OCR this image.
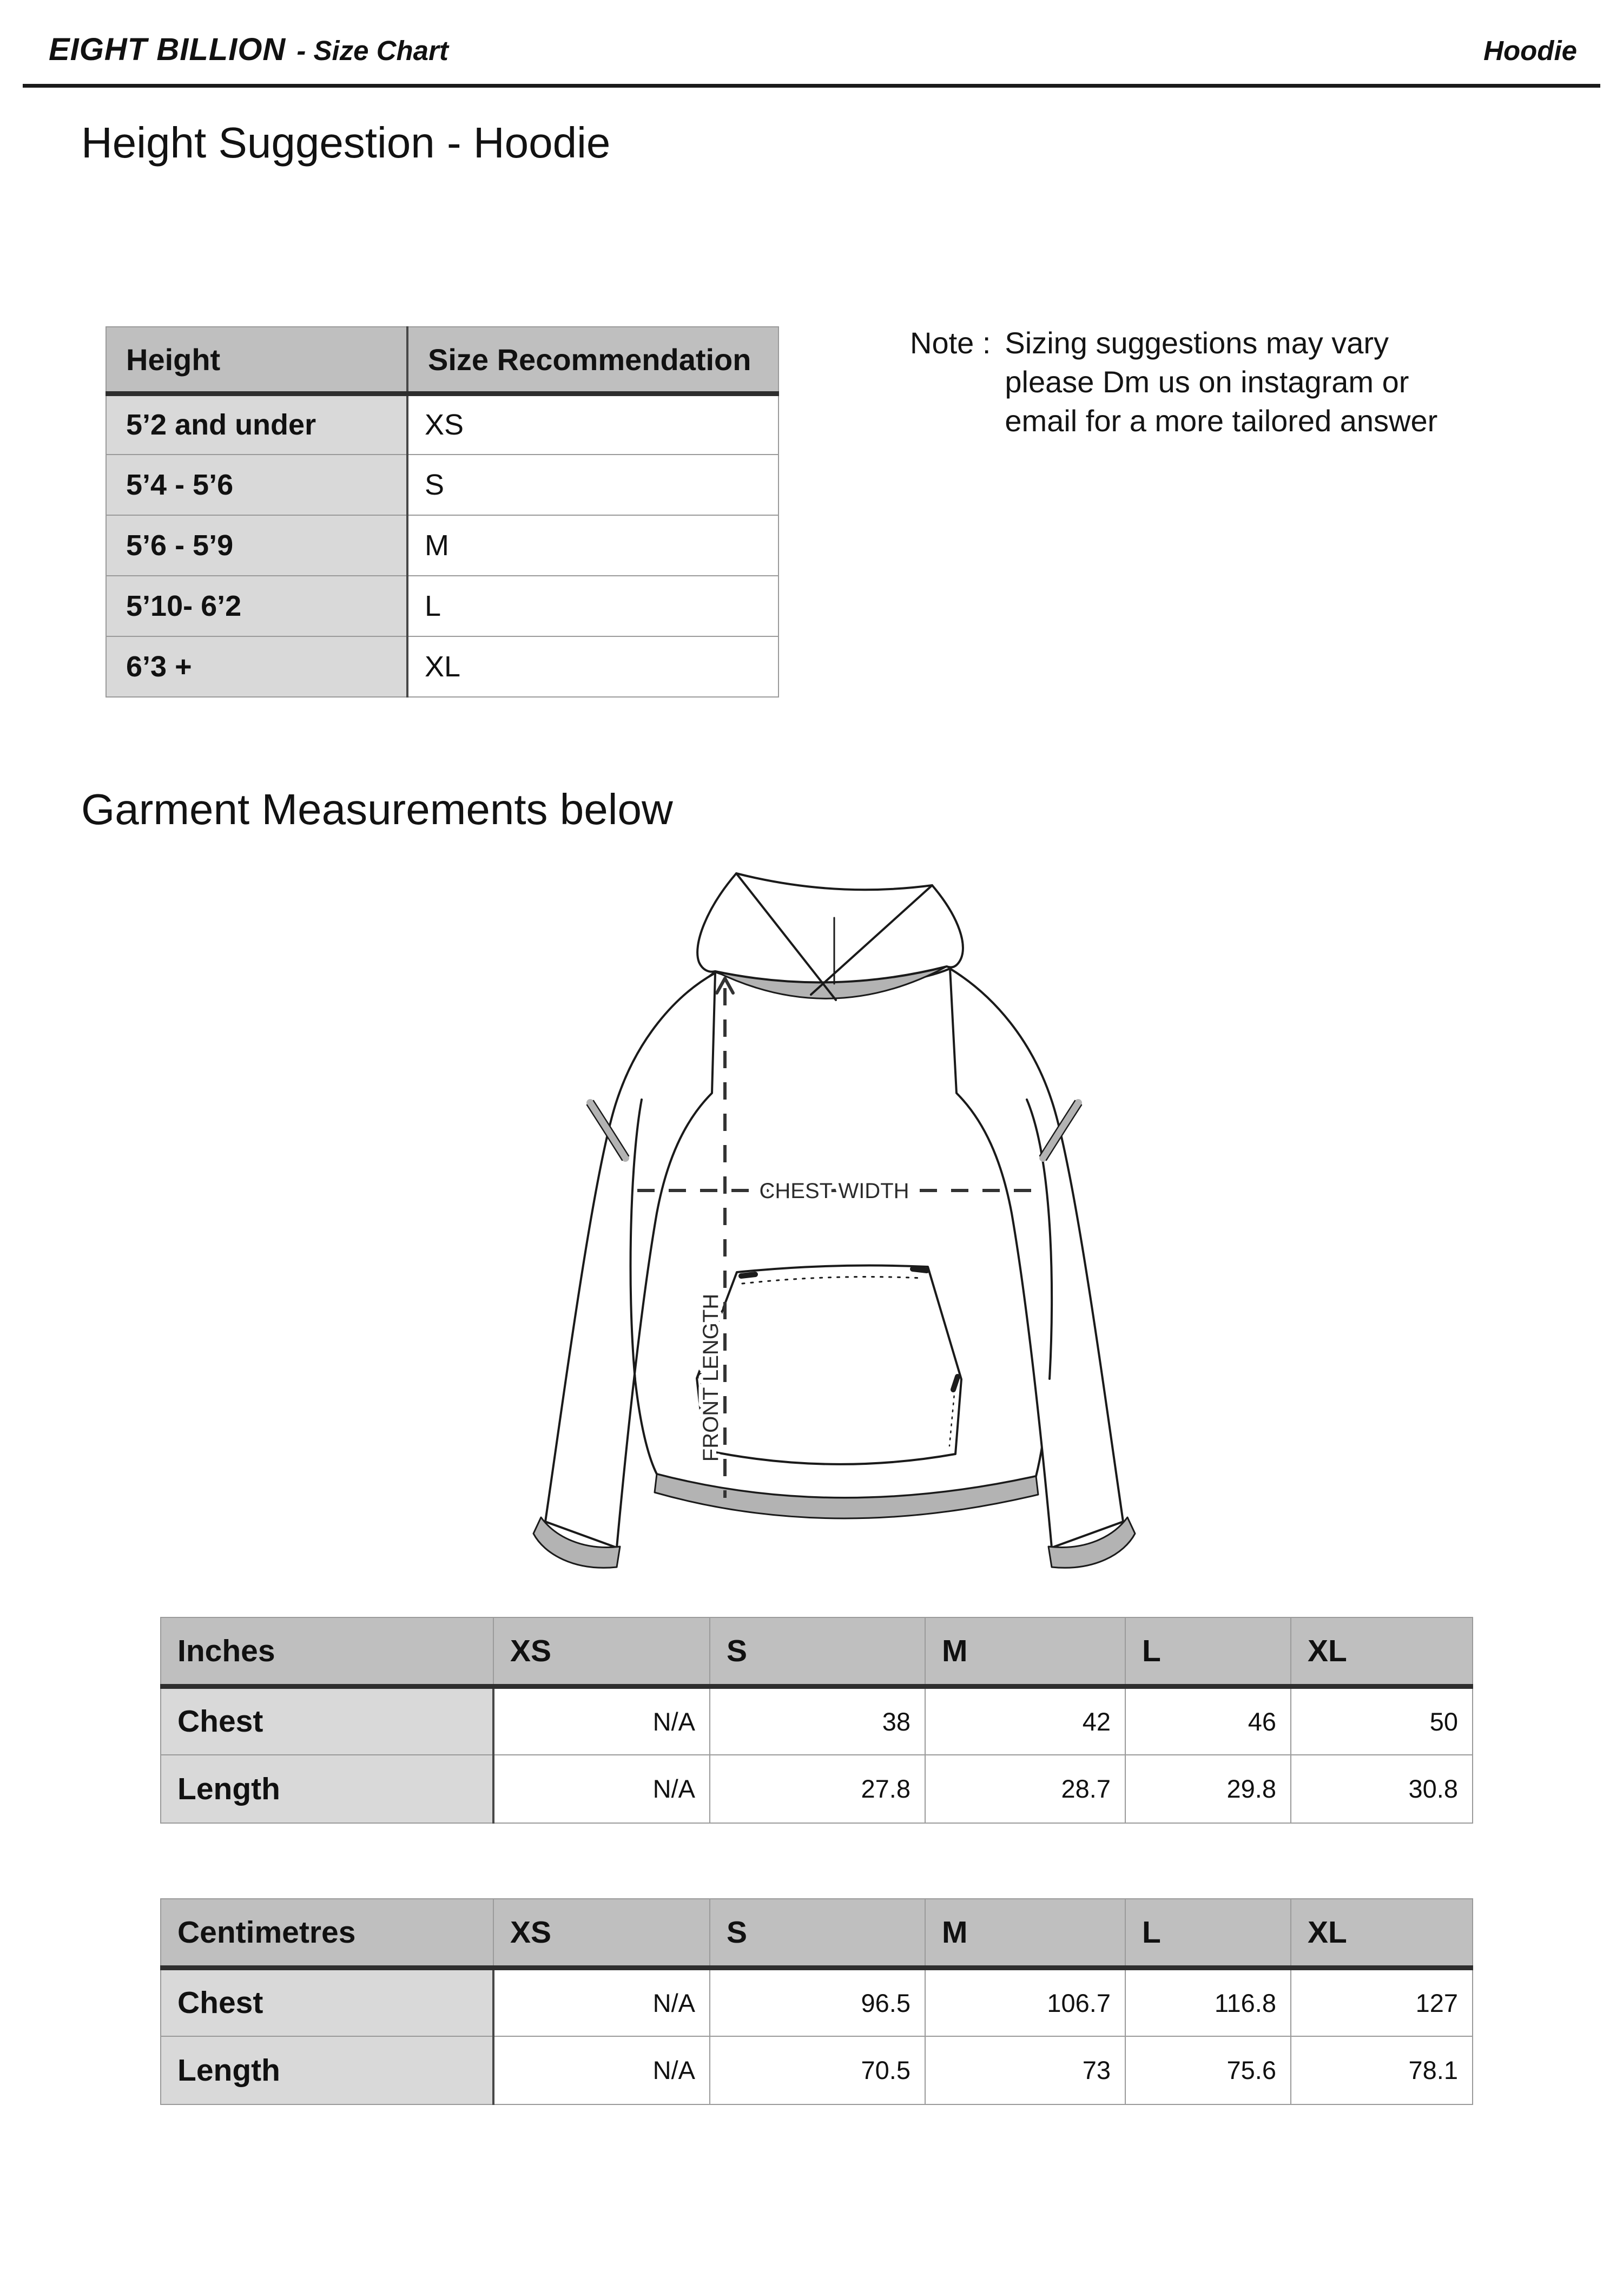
EIGHT BILLION - Size Chart	Hoodie
Height Suggestion - Hoodie
Height	Size Recommendation
5’2 and under	XS
5’4 - 5’6	S
5’6 - 5’9	M
5’10- 6’2	L
6’3 +	XL
Note : Sizing suggestions may vary
please Dm us on instagram or
email for a more tailored answer
Garment Measurements below
CHEST WIDTH
FRONT LENGTH
Inches	XS	S	M	L	XL
Chest	N/A	38	42	46	50
Length	N/A	27.8	28.7	29.8	30.8
Centimetres	XS	S	M	L	XL
Chest	N/A	96.5	106.7	116.8	127
Length	N/A	70.5	73	75.6	78.1
